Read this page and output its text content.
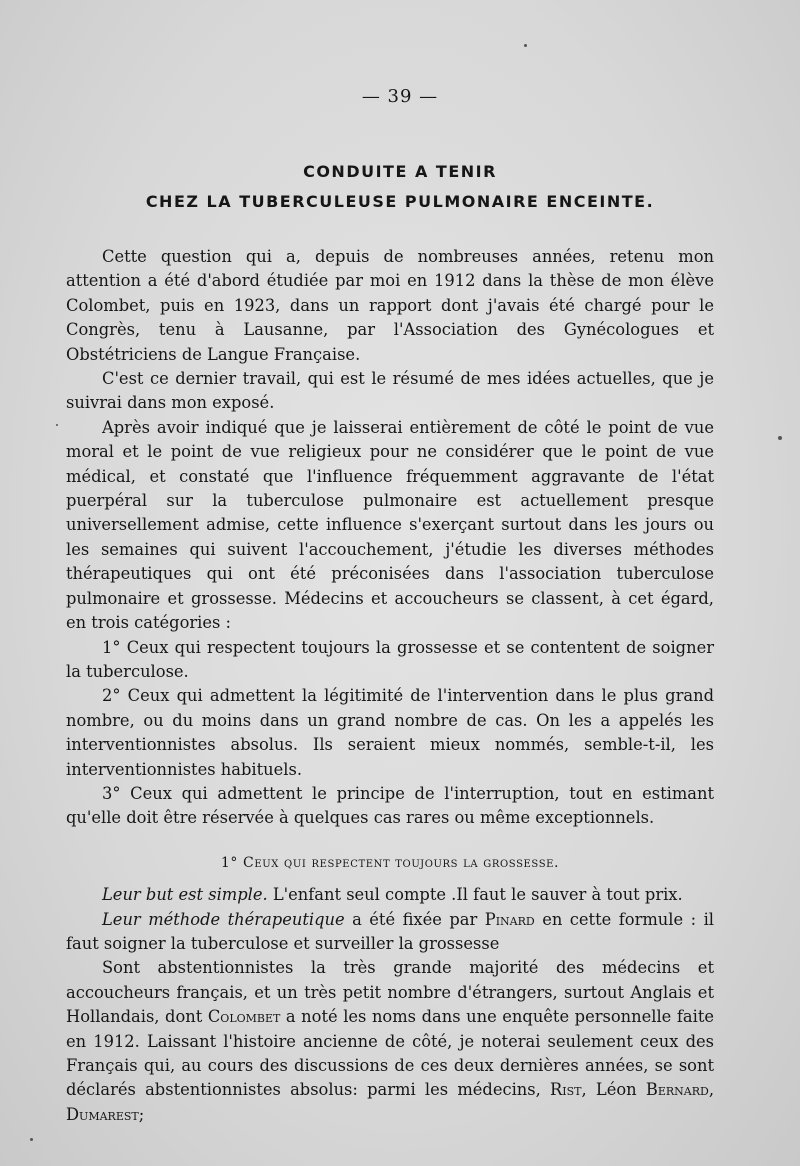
— 39 —
CONDUITE A TENIR
CHEZ LA TUBERCULEUSE PULMONAIRE ENCEINTE.

Cette question qui a, depuis de nombreuses années, retenu mon attention a été d'abord étudiée par moi en 1912 dans la thèse de mon élève Colombet, puis en 1923, dans un rapport dont j'avais été chargé pour le Congrès, tenu à Lausanne, par l'Association des Gynécologues et Obstétriciens de Langue Française.

C'est ce dernier travail, qui est le résumé de mes idées actuelles, que je suivrai dans mon exposé.

Après avoir indiqué que je laisserai entièrement de côté le point de vue moral et le point de vue religieux pour ne considérer que le point de vue médical, et constaté que l'influence fréquemment aggravante de l'état puerpéral sur la tuberculose pulmonaire est actuellement presque universellement admise, cette influence s'exerçant surtout dans les jours ou les semaines qui suivent l'accouchement, j'étudie les diverses méthodes thérapeutiques qui ont été préconisées dans l'association tuberculose pulmonaire et grossesse. Médecins et accoucheurs se classent, à cet égard, en trois catégories :

1° Ceux qui respectent toujours la grossesse et se contentent de soigner la tuberculose.

2° Ceux qui admettent la légitimité de l'intervention dans le plus grand nombre, ou du moins dans un grand nombre de cas. On les a appelés les interventionnistes absolus. Ils seraient mieux nommés, semble-t-il, les interventionnistes habituels.

3° Ceux qui admettent le principe de l'interruption, tout en estimant qu'elle doit être réservée à quelques cas rares ou même exceptionnels.

1° Ceux qui respectent toujours la grossesse.

Leur but est simple. L'enfant seul compte .Il faut le sauver à tout prix.

Leur méthode thérapeutique a été fixée par Pinard en cette formule : il faut soigner la tuberculose et surveiller la grossesse

Sont abstentionnistes la très grande majorité des médecins et accoucheurs français, et un très petit nombre d'étrangers, surtout Anglais et Hollandais, dont Colombet a noté les noms dans une enquête personnelle faite en 1912. Laissant l'histoire ancienne de côté, je noterai seulement ceux des Français qui, au cours des discussions de ces deux dernières années, se sont déclarés abstentionnistes absolus: parmi les médecins, Rist, Léon Bernard, Dumarest;
